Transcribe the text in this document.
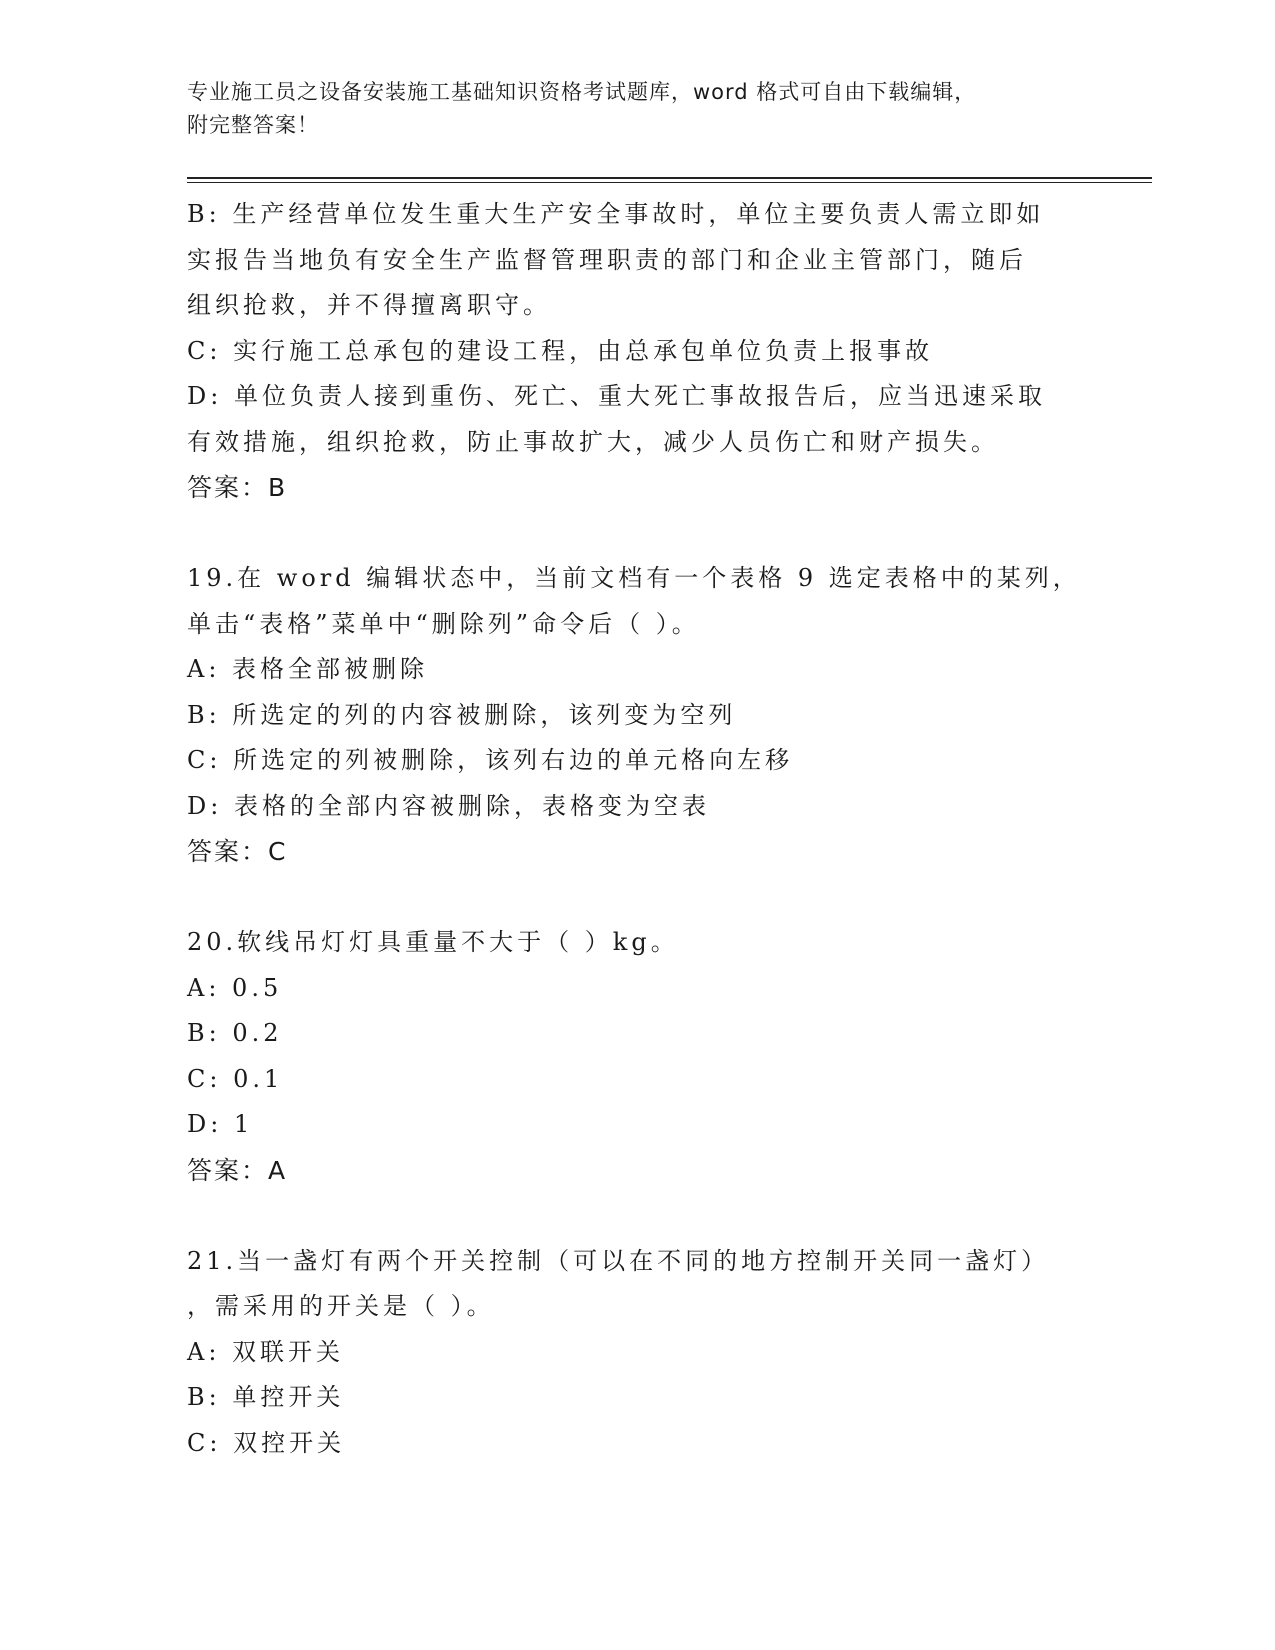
专业施工员之设备安装施工基础知识资格考试题库，word 格式可自由下载编辑，
附完整答案！
B: 生产经营单位发生重大生产安全事故时，单位主要负责人需立即如
实报告当地负有安全生产监督管理职责的部门和企业主管部门，随后
组织抢救，并不得擅离职守。
C: 实行施工总承包的建设工程，由总承包单位负责上报事故
D: 单位负责人接到重伤、死亡、重大死亡事故报告后，应当迅速采取
有效措施，组织抢救，防止事故扩大，减少人员伤亡和财产损失。
答案：B
19.在 word 编辑状态中，当前文档有一个表格 9 选定表格中的某列，
单击“表格”菜单中“删除列”命令后（ ）。
A: 表格全部被删除
B: 所选定的列的内容被删除，该列变为空列
C: 所选定的列被删除，该列右边的单元格向左移
D: 表格的全部内容被删除，表格变为空表
答案：C
20.软线吊灯灯具重量不大于（ ）kg。
A: 0.5
B: 0.2
C: 0.1
D: 1
答案：A
21.当一盏灯有两个开关控制（可以在不同的地方控制开关同一盏灯）
，需采用的开关是（ ）。
A: 双联开关
B: 单控开关
C: 双控开关
